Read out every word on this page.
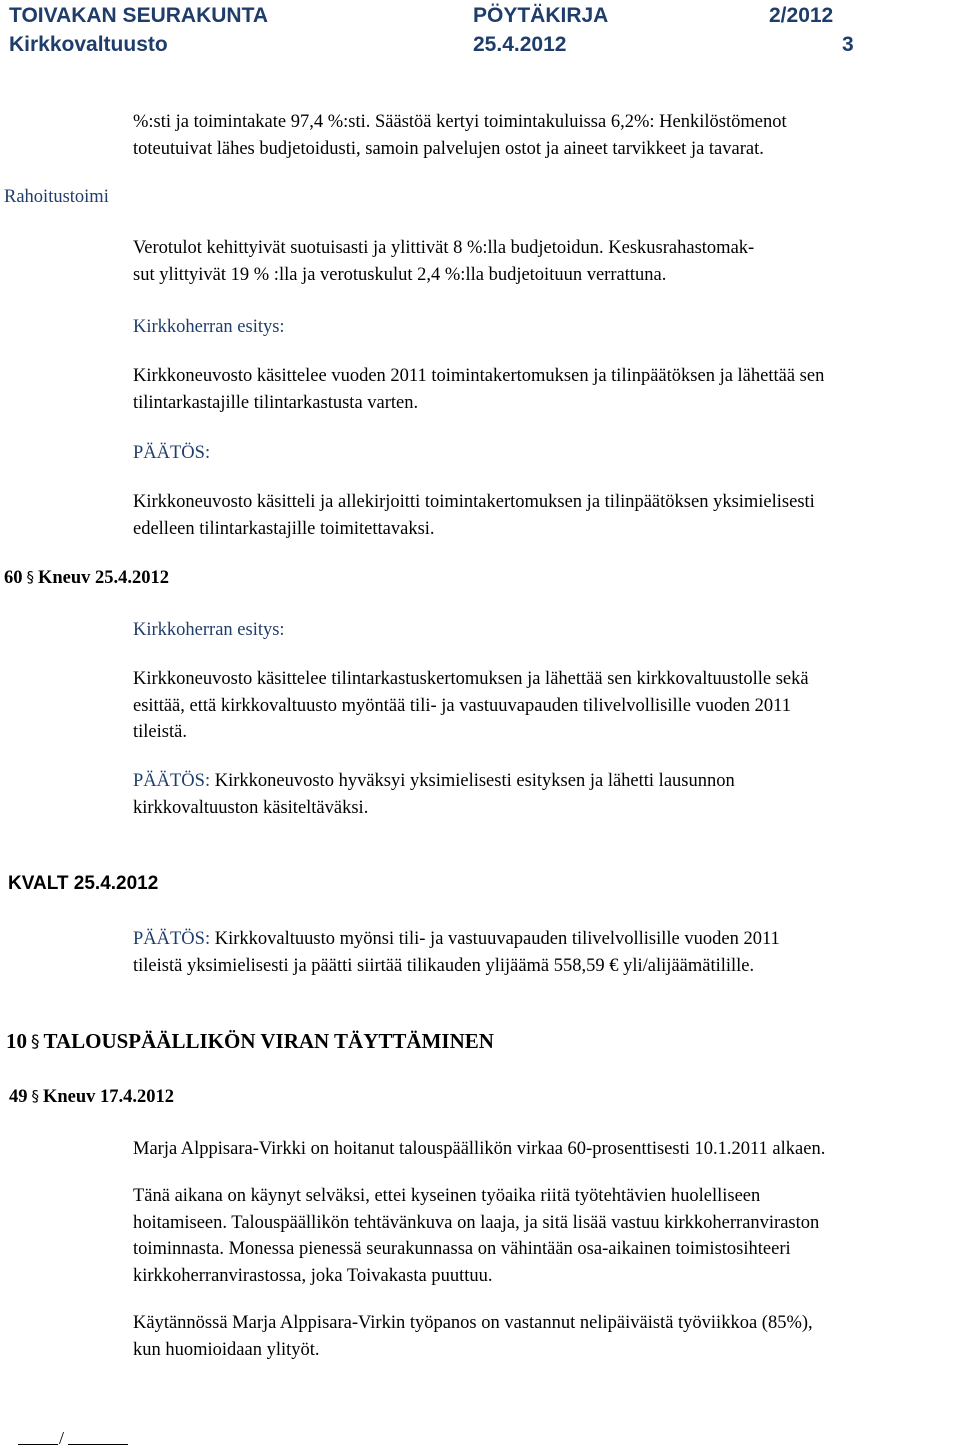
TOIVAKAN SEURAKUNTA	PÖYTÄKIRJA	2/2012
Kirkkovaltuusto	25.4.2012	3
%:sti ja toimintakate 97,4 %:sti. Säästöä kertyi toimintakuluissa 6,2%: Henkilöstömenot
toteutuivat lähes budjetoidusti, samoin palvelujen ostot ja aineet tarvikkeet ja tavarat.
Rahoitustoimi
Verotulot kehittyivät suotuisasti ja ylittivät 8 %:lla budjetoidun. Keskusrahastomak-
sut ylittyivät 19 % :lla ja verotuskulut 2,4 %:lla budjetoituun verrattuna.
Kirkkoherran esitys:
Kirkkoneuvosto käsittelee vuoden 2011 toimintakertomuksen ja tilinpäätöksen ja lähettää sen
tilintarkastajille tilintarkastusta varten.
PÄÄTÖS:
Kirkkoneuvosto käsitteli ja allekirjoitti toimintakertomuksen ja tilinpäätöksen yksimielisesti
edelleen tilintarkastajille toimitettavaksi.
60 § Kneuv 25.4.2012
Kirkkoherran esitys:
Kirkkoneuvosto käsittelee tilintarkastuskertomuksen ja lähettää sen kirkkovaltuustolle sekä
esittää, että kirkkovaltuusto myöntää tili- ja vastuuvapauden tilivelvollisille vuoden 2011
tileistä.
PÄÄTÖS: Kirkkoneuvosto hyväksyi yksimielisesti esityksen ja lähetti lausunnon
kirkkovaltuuston käsiteltäväksi.
KVALT 25.4.2012
PÄÄTÖS: Kirkkovaltuusto myönsi tili- ja vastuuvapauden tilivelvollisille vuoden 2011
tileistä yksimielisesti ja päätti siirtää tilikauden ylijäämä 558,59 € yli/alijäämätilille.
10 § TALOUSPÄÄLLIKÖN VIRAN TÄYTTÄMINEN
49 § Kneuv 17.4.2012
Marja Alppisara-Virkki on hoitanut talouspäällikön virkaa 60-prosenttisesti 10.1.2011 alkaen.
Tänä aikana on käynyt selväksi, ettei kyseinen työaika riitä työtehtävien huolelliseen
hoitamiseen. Talouspäällikön tehtävänkuva on laaja, ja sitä lisää vastuu kirkkoherranviraston
toiminnasta. Monessa pienessä seurakunnassa on vähintään osa-aikainen toimistosihteeri
kirkkoherranvirastossa, joka Toivakasta puuttuu.
Käytännössä Marja Alppisara-Virkin työpanos on vastannut nelipäiväistä työviikkoa (85%),
kun huomioidaan ylityöt.
/
